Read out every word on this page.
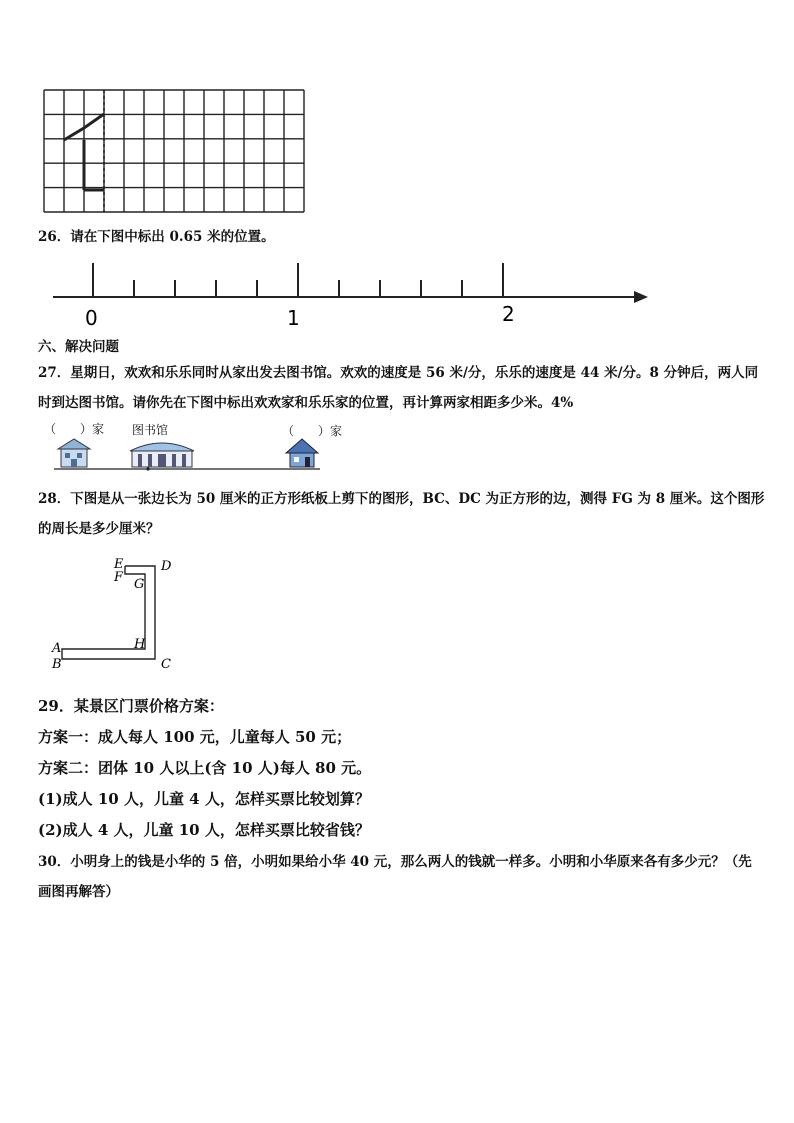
26．请在下图中标出 0.65 米的位置。
0	1	2
六、解决问题
27．星期日，欢欢和乐乐同时从家出发去图书馆。欢欢的速度是 56 米/分，乐乐的速度是 44 米/分。8 分钟后，两人同
时到达图书馆。请你先在下图中标出欢欢家和乐乐家的位置，再计算两家相距多少米。4%
（　　）家 图书馆	（　　）家
28．下图是从一张边长为 50 厘米的正方形纸板上剪下的图形，BC、DC 为正方形的边，测得 FG 为 8 厘米。这个图形
的周长是多少厘米？
E
F
D
G
H
A
B	C
29．某景区门票价格方案：
方案一：成人每人 100 元，儿童每人 50 元；
方案二：团体 10 人以上(含 10 人)每人 80 元。
(1)成人 10 人，儿童 4 人，怎样买票比较划算？
(2)成人 4 人，儿童 10 人，怎样买票比较省钱？
30．小明身上的钱是小华的 5 倍，小明如果给小华 40 元，那么两人的钱就一样多。小明和小华原来各有多少元？（先
画图再解答）
